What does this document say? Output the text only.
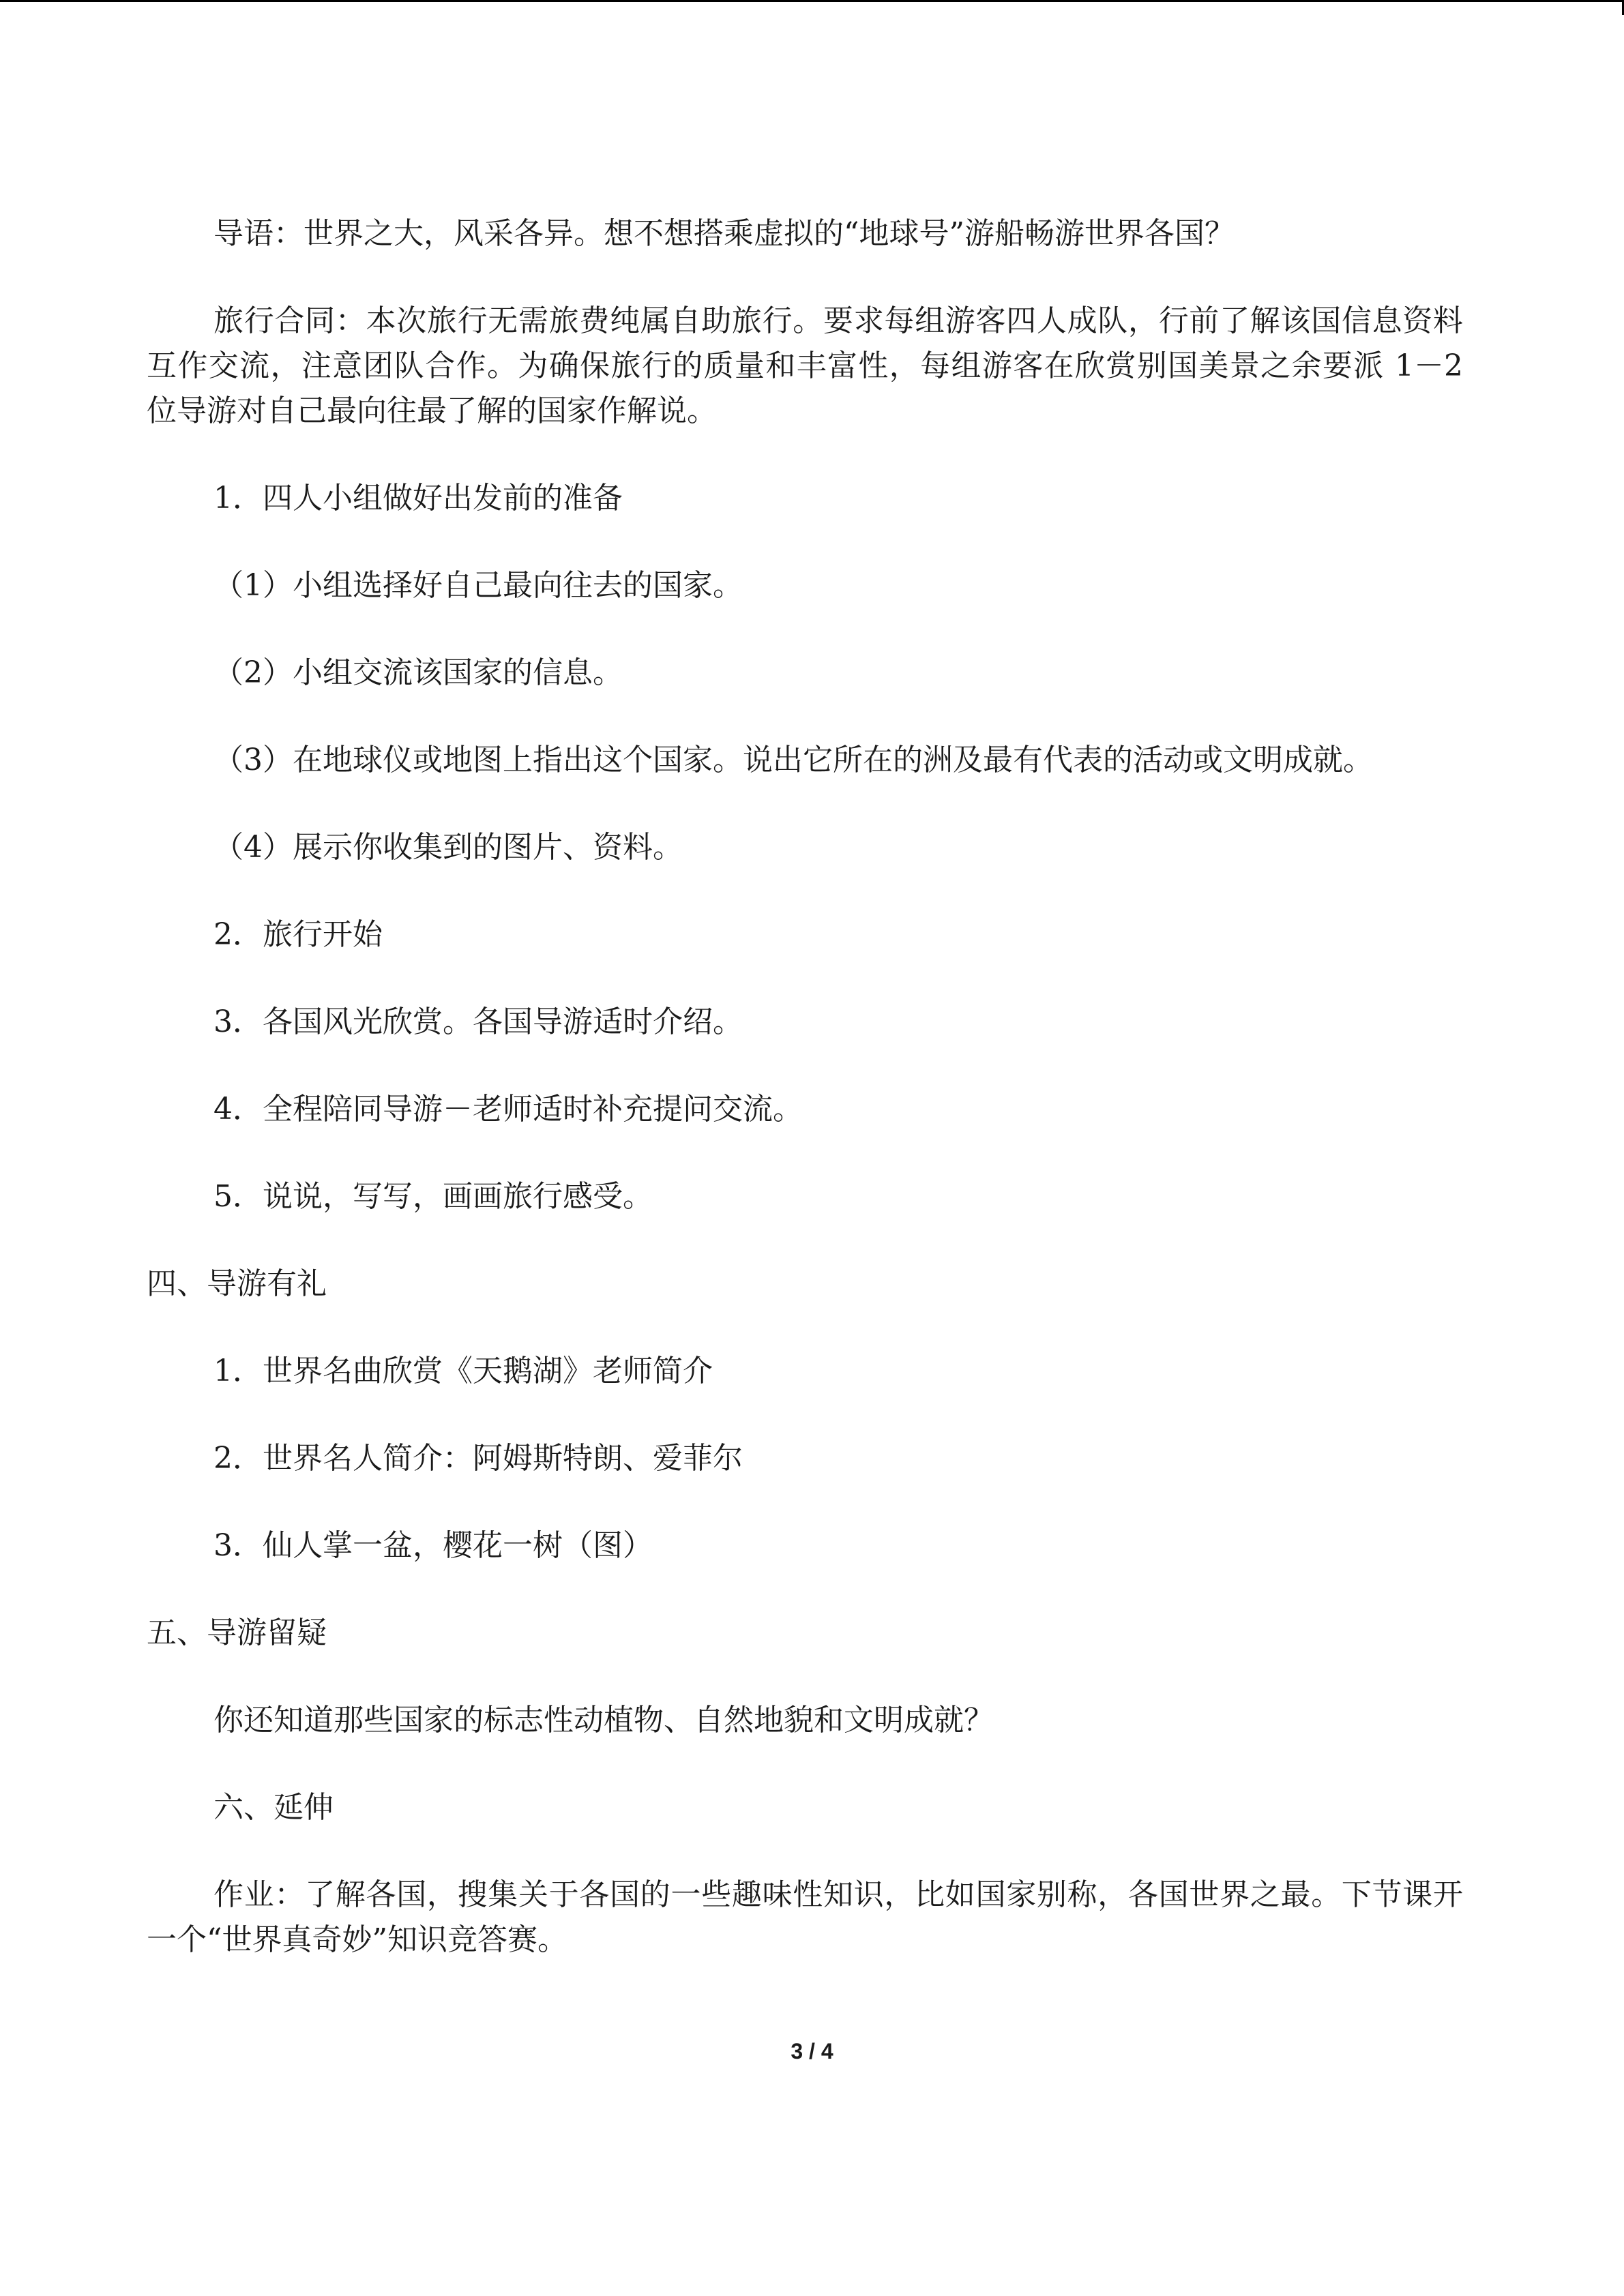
导语：世界之大，风采各异。想不想搭乘虚拟的“地球号”游船畅游世界各国？

旅行合同：本次旅行无需旅费纯属自助旅行。要求每组游客四人成队，行前了解该国信息资料互作交流，注意团队合作。为确保旅行的质量和丰富性，每组游客在欣赏别国美景之余要派 1－2 位导游对自己最向往最了解的国家作解说。

1．四人小组做好出发前的准备

（1）小组选择好自己最向往去的国家。

（2）小组交流该国家的信息。

（3）在地球仪或地图上指出这个国家。说出它所在的洲及最有代表的活动或文明成就。

（4）展示你收集到的图片、资料。

2．旅行开始

3．各国风光欣赏。各国导游适时介绍。

4．全程陪同导游－老师适时补充提问交流。

5．说说，写写，画画旅行感受。

四、导游有礼

1．世界名曲欣赏《天鹅湖》老师简介

2．世界名人简介：阿姆斯特朗、爱菲尔

3．仙人掌一盆，樱花一树（图）

五、导游留疑

你还知道那些国家的标志性动植物、自然地貌和文明成就？

六、延伸

作业：了解各国，搜集关于各国的一些趣味性知识，比如国家别称，各国世界之最。下节课开一个“世界真奇妙”知识竞答赛。

3 / 4
